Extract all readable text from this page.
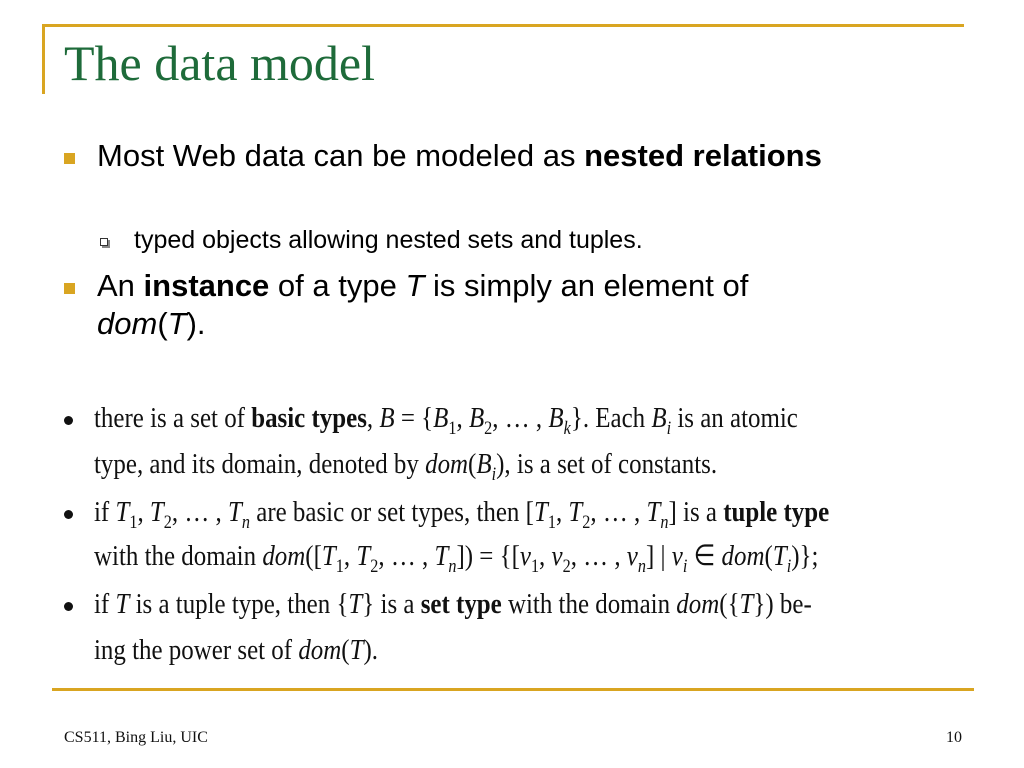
The data model
Most Web data can be modeled as nested relations
typed objects allowing nested sets and tuples.
An instance of a type T is simply an element of
dom(T).
there is a set of basic types, $B = \{B_1$, $B_2$, … , $B_k$}. Each $B_i$ is an atomic
type, and its domain, denoted by $dom(B_i)$, is a set of constants.
if $T_1$, $T_2$, … , $T_n$ are basic or set types, then [$T_1$, $T_2$, … , $T_n$] is a tuple type
with the domain $dom([T_1$, $T_2$, … , $T_n]) = \{[v_1$, $v_2$, … , $v_n$] | $v_i$ ∈ $dom(T_i)$};
if T is a tuple type, then {T} is a set type with the domain dom({T}) be-
ing the power set of dom(T).
CS511, Bing Liu, UIC	10
